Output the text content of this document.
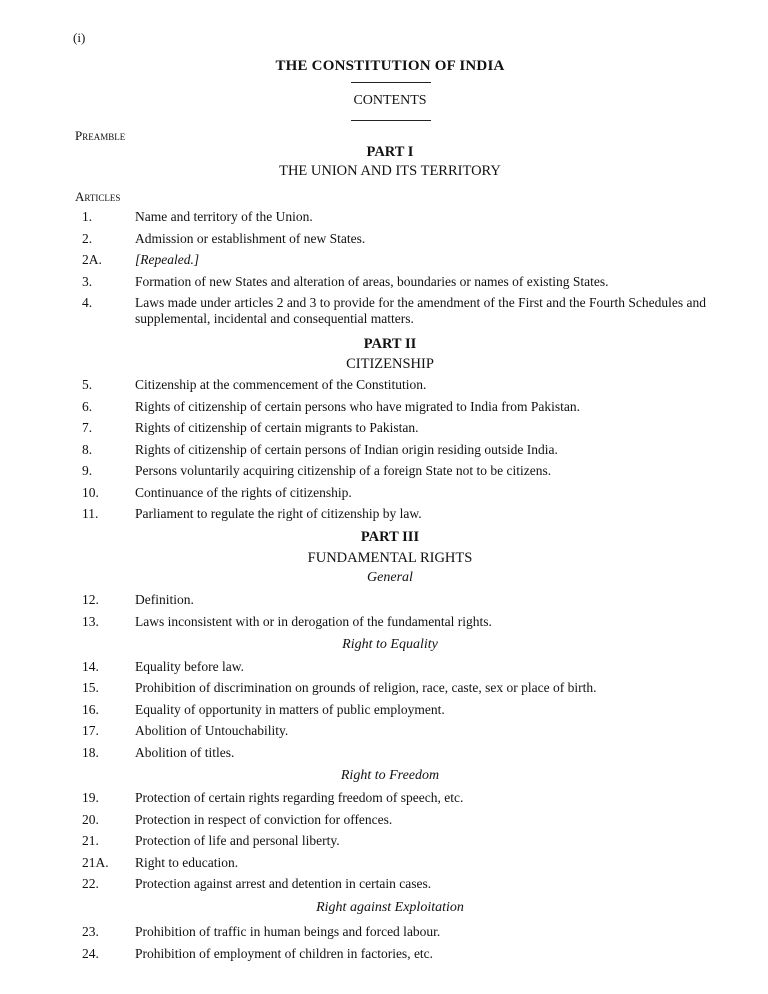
(i)
THE CONSTITUTION OF INDIA
CONTENTS
Preamble
PART I
THE UNION AND ITS TERRITORY
Articles
1.	Name and territory of the Union.
2.	Admission or establishment of new States.
2A. [Repealed.]
3.	Formation of new States and alteration of areas, boundaries or names of existing States.
4.	Laws made under articles 2 and 3 to provide for the amendment of the First and the Fourth Schedules and supplemental, incidental and consequential matters.
PART II
CITIZENSHIP
5.	Citizenship at the commencement of the Constitution.
6.	Rights of citizenship of certain persons who have migrated to India from Pakistan.
7.	Rights of citizenship of certain migrants to Pakistan.
8.	Rights of citizenship of certain persons of Indian origin residing outside India.
9.	Persons voluntarily acquiring citizenship of a foreign State not to be citizens.
10.	Continuance of the rights of citizenship.
11.	Parliament to regulate the right of citizenship by law.
PART III
FUNDAMENTAL RIGHTS
General
12.	Definition.
13.	Laws inconsistent with or in derogation of the fundamental rights.
Right to Equality
14.	Equality before law.
15.	Prohibition of discrimination on grounds of religion, race, caste, sex or place of birth.
16.	Equality of opportunity in matters of public employment.
17.	Abolition of Untouchability.
18.	Abolition of titles.
Right to Freedom
19.	Protection of certain rights regarding freedom of speech, etc.
20.	Protection in respect of conviction for offences.
21.	Protection of life and personal liberty.
21A. Right to education.
22.	Protection against arrest and detention in certain cases.
Right against Exploitation
23.	Prohibition of traffic in human beings and forced labour.
24.	Prohibition of employment of children in factories, etc.
